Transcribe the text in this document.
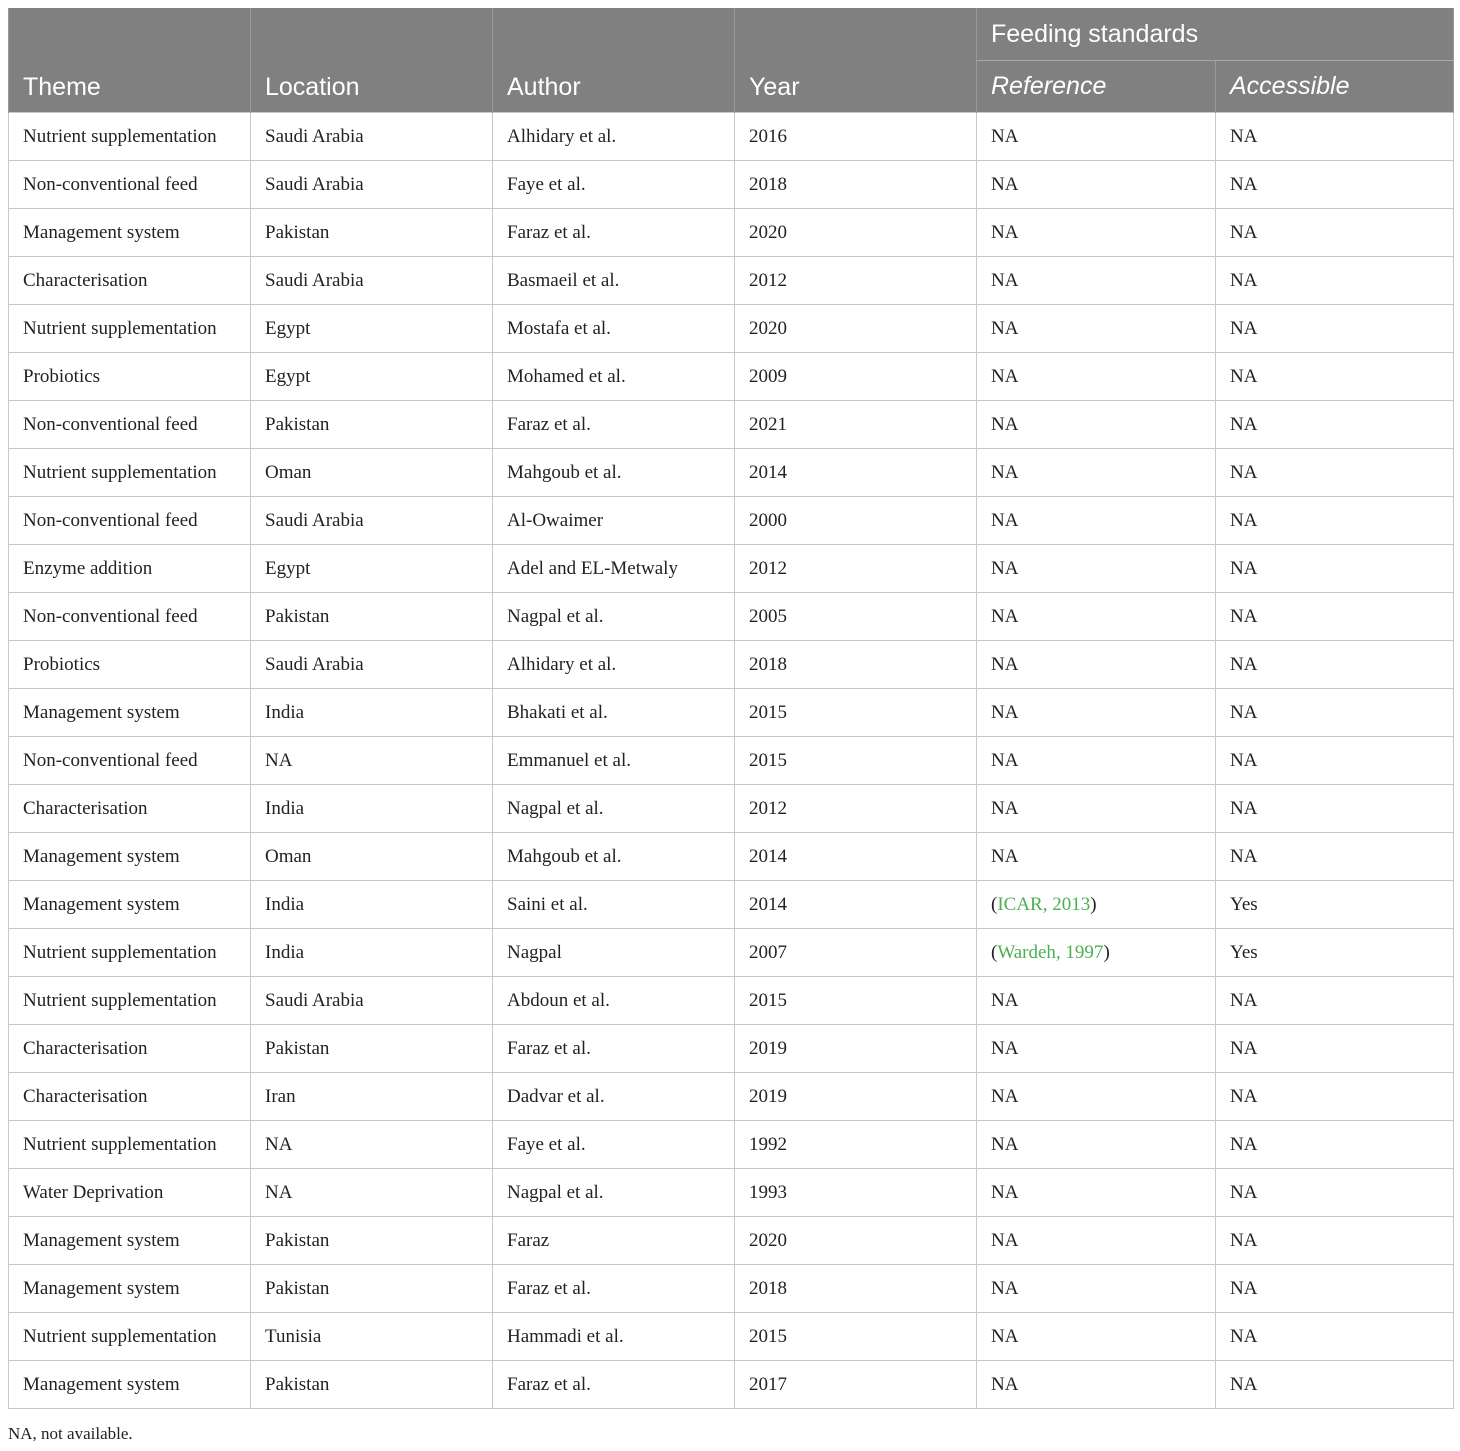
Theme	Location	Author	Year	Feeding standards	
				Reference	Accessible
Nutrient supplementation	Saudi Arabia	Alhidary et al.	2016	NA	NA
Non-conventional feed	Saudi Arabia	Faye et al.	2018	NA	NA
Management system	Pakistan	Faraz et al.	2020	NA	NA
Characterisation	Saudi Arabia	Basmaeil et al.	2012	NA	NA
Nutrient supplementation	Egypt	Mostafa et al.	2020	NA	NA
Probiotics	Egypt	Mohamed et al.	2009	NA	NA
Non-conventional feed	Pakistan	Faraz et al.	2021	NA	NA
Nutrient supplementation	Oman	Mahgoub et al.	2014	NA	NA
Non-conventional feed	Saudi Arabia	Al-Owaimer	2000	NA	NA
Enzyme addition	Egypt	Adel and EL-Metwaly	2012	NA	NA
Non-conventional feed	Pakistan	Nagpal et al.	2005	NA	NA
Probiotics	Saudi Arabia	Alhidary et al.	2018	NA	NA
Management system	India	Bhakati et al.	2015	NA	NA
Non-conventional feed	NA	Emmanuel et al.	2015	NA	NA
Characterisation	India	Nagpal et al.	2012	NA	NA
Management system	Oman	Mahgoub et al.	2014	NA	NA
Management system	India	Saini et al.	2014	(ICAR, 2013)	Yes
Nutrient supplementation	India	Nagpal	2007	(Wardeh, 1997)	Yes
Nutrient supplementation	Saudi Arabia	Abdoun et al.	2015	NA	NA
Characterisation	Pakistan	Faraz et al.	2019	NA	NA
Characterisation	Iran	Dadvar et al.	2019	NA	NA
Nutrient supplementation	NA	Faye et al.	1992	NA	NA
Water Deprivation	NA	Nagpal et al.	1993	NA	NA
Management system	Pakistan	Faraz	2020	NA	NA
Management system	Pakistan	Faraz et al.	2018	NA	NA
Nutrient supplementation	Tunisia	Hammadi et al.	2015	NA	NA
Management system	Pakistan	Faraz et al.	2017	NA	NA
NA, not available.
